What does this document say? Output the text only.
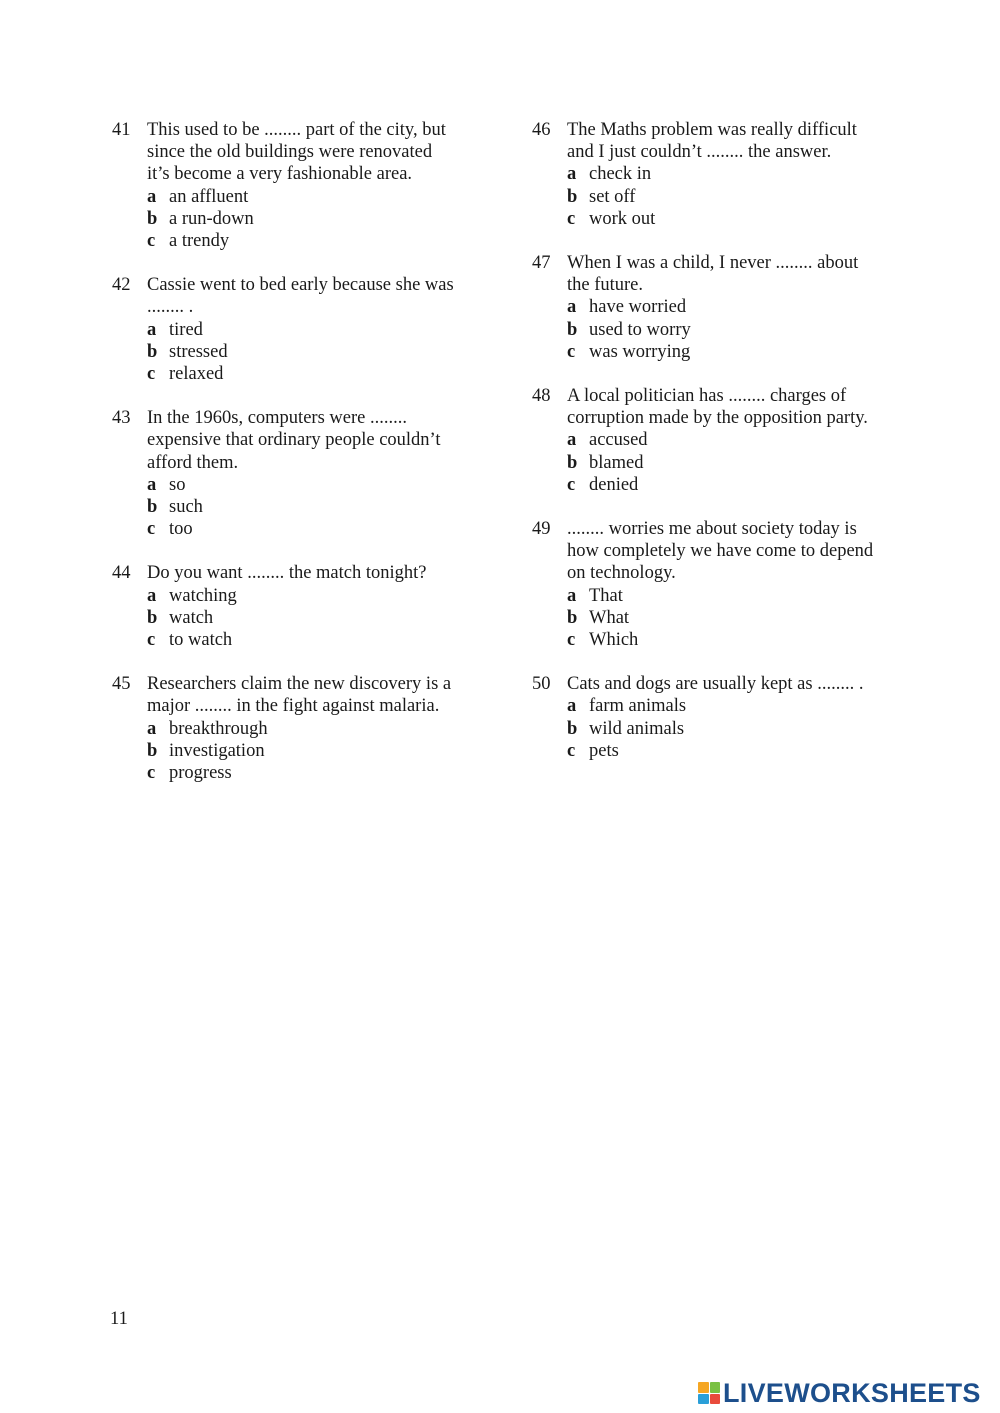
41 This used to be ........ part of the city, but
since the old buildings were renovated
it’s become a very fashionable area.
a an affluent
b a run-down
c a trendy
42 Cassie went to bed early because she was
........ .
a tired
b stressed
c relaxed
43 In the 1960s, computers were ........
expensive that ordinary people couldn’t
afford them.
a so
b such
c too
44 Do you want ........ the match tonight?
a watching
b watch
c to watch
45 Researchers claim the new discovery is a
major ........ in the fight against malaria.
a breakthrough
b investigation
c progress
46 The Maths problem was really difficult
and I just couldn’t ........ the answer.
a check in
b set off
c work out
47 When I was a child, I never ........ about
the future.
a have worried
b used to worry
c was worrying
48 A local politician has ........ charges of
corruption made by the opposition party.
a accused
b blamed
c denied
49 ........ worries me about society today is
how completely we have come to depend
on technology.
a That
b What
c Which
50 Cats and dogs are usually kept as ........ .
a farm animals
b wild animals
c pets
11
LIVEWORKSHEETS
